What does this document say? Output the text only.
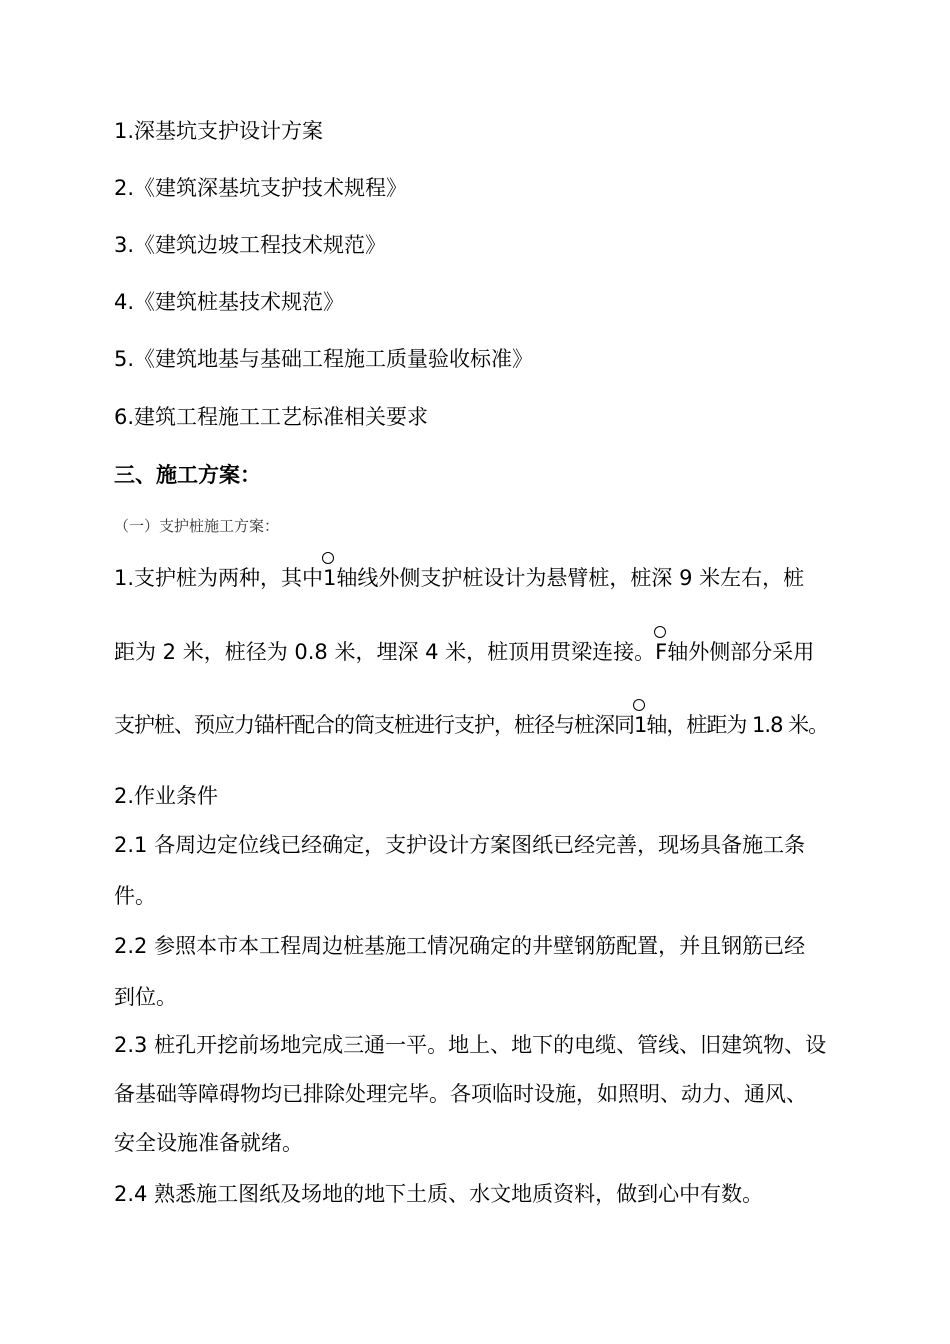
1.深基坑支护设计方案
2.《建筑深基坑支护技术规程》
3.《建筑边坡工程技术规范》
4.《建筑桩基技术规范》
5.《建筑地基与基础工程施工质量验收标准》
6.建筑工程施工工艺标准相关要求
三、施工方案：
（一）支护桩施工方案：
1.支护桩为两种，其中
1轴线外侧支护桩设计为悬臂桩，桩深 9 米左右，桩
距为 2 米，桩径为 0.8 米，埋深 4 米，桩顶用贯梁连接。
F轴外侧部分采用
支护桩、预应力锚杆配合的筒支桩进行支护，桩径与桩深同
1轴，桩距为 1.8 米。
2.作业条件
2.1 各周边定位线已经确定，支护设计方案图纸已经完善，现场具备施工条
件。
2.2 参照本市本工程周边桩基施工情况确定的井壁钢筋配置，并且钢筋已经
到位。
2.3 桩孔开挖前场地完成三通一平。地上、地下的电缆、管线、旧建筑物、设
备基础等障碍物均已排除处理完毕。各项临时设施，如照明、动力、通风、
安全设施准备就绪。
2.4 熟悉施工图纸及场地的地下土质、水文地质资料，做到心中有数。
